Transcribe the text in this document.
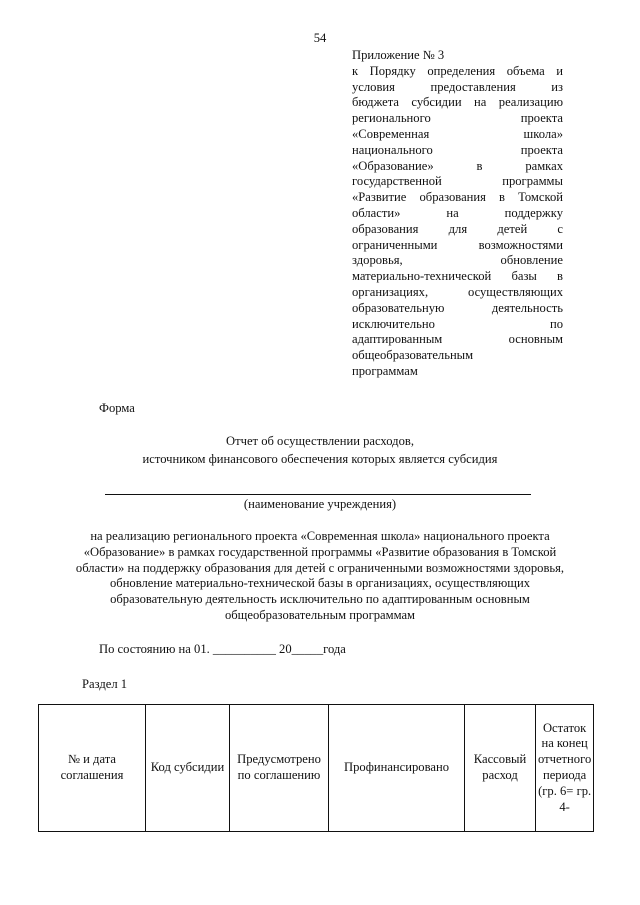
54
Приложение № 3
к Порядку определения объема и
условия предоставления из
бюджета субсидии на реализацию
регионального проекта
«Современная школа»
национального проекта
«Образование» в рамках
государственной программы
«Развитие образования в Томской
области» на поддержку
образования для детей с
ограниченными возможностями
здоровья, обновление
материально-технической базы в
организациях, осуществляющих
образовательную деятельность
исключительно по
адаптированным основным
общеобразовательным
программам
Форма
Отчет об осуществлении расходов,
источником финансового обеспечения которых является субсидия
(наименование учреждения)
на реализацию регионального проекта «Современная школа» национального проекта
«Образование» в рамках государственной программы «Развитие образования в Томской
области» на поддержку образования для детей с ограниченными возможностями здоровья,
обновление материально-технической базы в организациях, осуществляющих
образовательную деятельность исключительно по адаптированным основным
общеобразовательным программам
По состоянию на 01. __________ 20_____года
Раздел 1
№ и дата соглашения	Код субсидии	Предусмотрено по соглашению	Профинансировано	Кассовый расход	Остаток на конец отчетного периода (гр. 6= гр. 4-
